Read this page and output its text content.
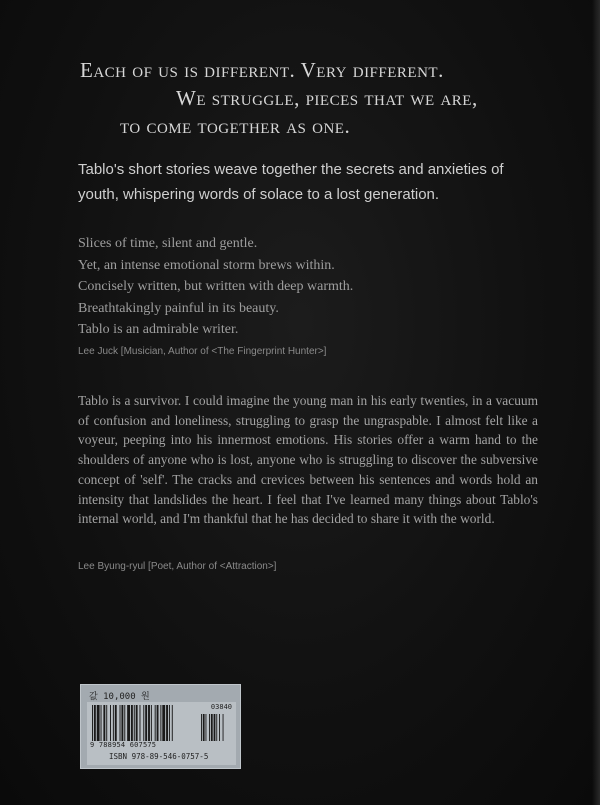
Each of us is different. Very different.
We struggle, pieces that we are,
to come together as one.
Tablo's short stories weave together the secrets and anxieties of youth, whispering words of solace to a lost generation.
Slices of time, silent and gentle.
Yet, an intense emotional storm brews within.
Concisely written, but written with deep warmth.
Breathtakingly painful in its beauty.
Tablo is an admirable writer.
Lee Juck [Musician, Author of <The Fingerprint Hunter>]
Tablo is a survivor. I could imagine the young man in his early twenties, in a vacuum of confusion and loneliness, struggling to grasp the ungraspable. I almost felt like a voyeur, peeping into his innermost emotions. His stories offer a warm hand to the shoulders of anyone who is lost, anyone who is struggling to discover the subversive concept of 'self'. The cracks and crevices between his sentences and words hold an intensity that landslides the heart. I feel that I've learned many things about Tablo's internal world, and I'm thankful that he has decided to share it with the world.
Lee Byung-ryul [Poet, Author of <Attraction>]
값 10,000 원
9 788954 607575
03840
ISBN 978-89-546-0757-5
